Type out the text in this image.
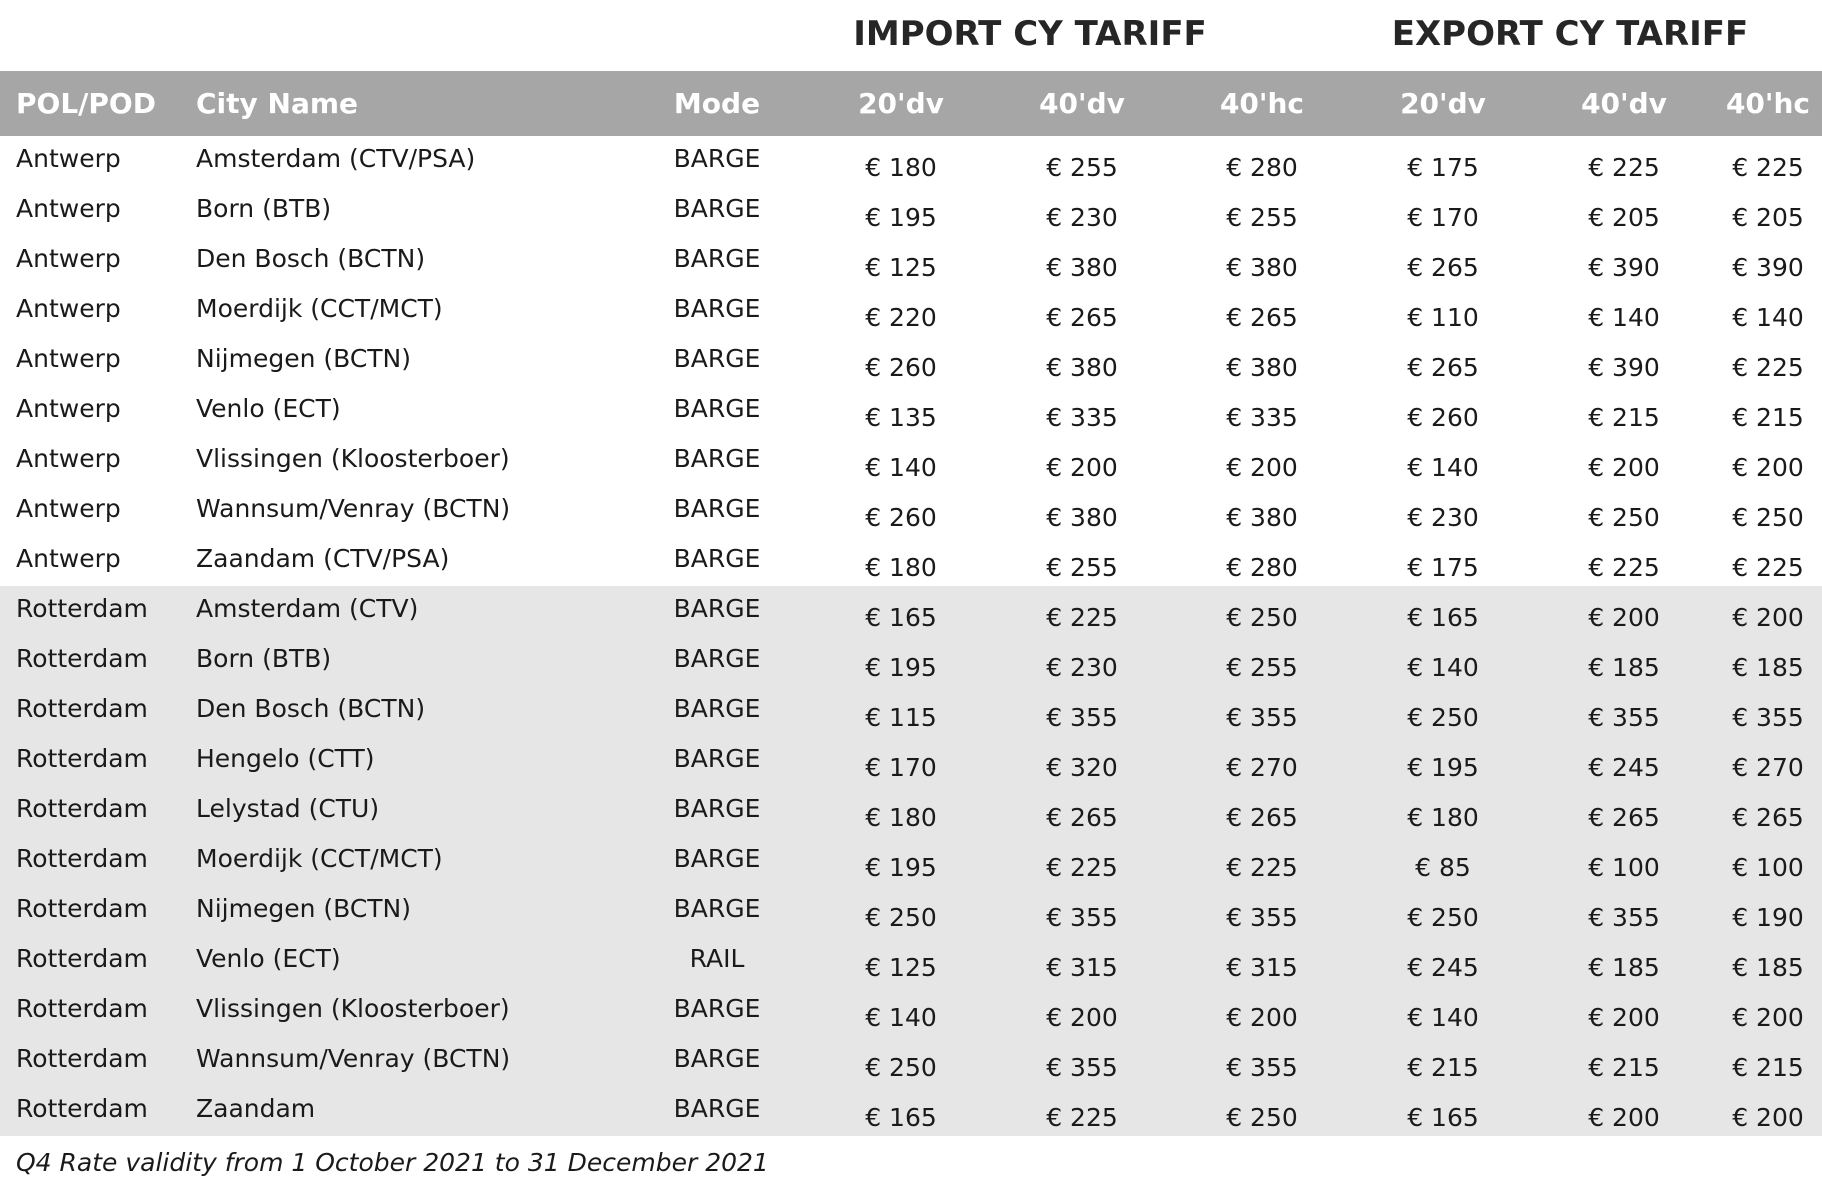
IMPORT CY TARIFF	EXPORT CY TARIFF
POL/POD	City Name	Mode	20'dv	40'dv	40'hc	20'dv	40'dv	40'hc
Antwerp	Amsterdam (CTV/PSA)	BARGE	€ 180	€ 255	€ 280	€ 175	€ 225	€ 225
Antwerp	Born (BTB)	BARGE	€ 195	€ 230	€ 255	€ 170	€ 205	€ 205
Antwerp	Den Bosch (BCTN)	BARGE	€ 125	€ 380	€ 380	€ 265	€ 390	€ 390
Antwerp	Moerdijk (CCT/MCT)	BARGE	€ 220	€ 265	€ 265	€ 110	€ 140	€ 140
Antwerp	Nijmegen (BCTN)	BARGE	€ 260	€ 380	€ 380	€ 265	€ 390	€ 225
Antwerp	Venlo (ECT)	BARGE	€ 135	€ 335	€ 335	€ 260	€ 215	€ 215
Antwerp	Vlissingen (Kloosterboer)	BARGE	€ 140	€ 200	€ 200	€ 140	€ 200	€ 200
Antwerp	Wannsum/Venray (BCTN)	BARGE	€ 260	€ 380	€ 380	€ 230	€ 250	€ 250
Antwerp	Zaandam (CTV/PSA)	BARGE	€ 180	€ 255	€ 280	€ 175	€ 225	€ 225
Rotterdam	Amsterdam (CTV)	BARGE	€ 165	€ 225	€ 250	€ 165	€ 200	€ 200
Rotterdam	Born (BTB)	BARGE	€ 195	€ 230	€ 255	€ 140	€ 185	€ 185
Rotterdam	Den Bosch (BCTN)	BARGE	€ 115	€ 355	€ 355	€ 250	€ 355	€ 355
Rotterdam	Hengelo (CTT)	BARGE	€ 170	€ 320	€ 270	€ 195	€ 245	€ 270
Rotterdam	Lelystad (CTU)	BARGE	€ 180	€ 265	€ 265	€ 180	€ 265	€ 265
Rotterdam	Moerdijk (CCT/MCT)	BARGE	€ 195	€ 225	€ 225	€ 85	€ 100	€ 100
Rotterdam	Nijmegen (BCTN)	BARGE	€ 250	€ 355	€ 355	€ 250	€ 355	€ 190
Rotterdam	Venlo (ECT)	RAIL	€ 125	€ 315	€ 315	€ 245	€ 185	€ 185
Rotterdam	Vlissingen (Kloosterboer)	BARGE	€ 140	€ 200	€ 200	€ 140	€ 200	€ 200
Rotterdam	Wannsum/Venray (BCTN)	BARGE	€ 250	€ 355	€ 355	€ 215	€ 215	€ 215
Rotterdam	Zaandam	BARGE	€ 165	€ 225	€ 250	€ 165	€ 200	€ 200
Q4 Rate validity from 1 October 2021 to 31 December 2021
